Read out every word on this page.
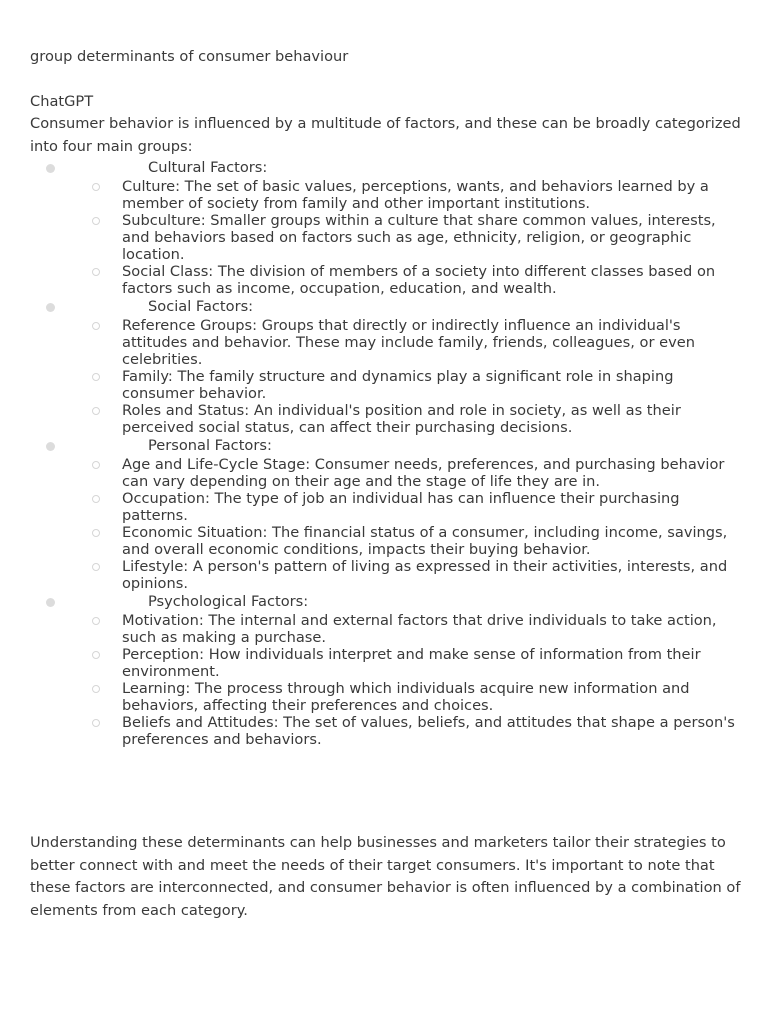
group determinants of consumer behaviour
ChatGPT
Consumer behavior is influenced by a multitude of factors, and these can be broadly categorized into four main groups:
Cultural Factors:
Culture: The set of basic values, perceptions, wants, and behaviors learned by a member of society from family and other important institutions.
Subculture: Smaller groups within a culture that share common values, interests, and behaviors based on factors such as age, ethnicity, religion, or geographic location.
Social Class: The division of members of a society into different classes based on factors such as income, occupation, education, and wealth.
Social Factors:
Reference Groups: Groups that directly or indirectly influence an individual's attitudes and behavior. These may include family, friends, colleagues, or even celebrities.
Family: The family structure and dynamics play a significant role in shaping consumer behavior.
Roles and Status: An individual's position and role in society, as well as their perceived social status, can affect their purchasing decisions.
Personal Factors:
Age and Life-Cycle Stage: Consumer needs, preferences, and purchasing behavior can vary depending on their age and the stage of life they are in.
Occupation: The type of job an individual has can influence their purchasing patterns.
Economic Situation: The financial status of a consumer, including income, savings, and overall economic conditions, impacts their buying behavior.
Lifestyle: A person's pattern of living as expressed in their activities, interests, and opinions.
Psychological Factors:
Motivation: The internal and external factors that drive individuals to take action, such as making a purchase.
Perception: How individuals interpret and make sense of information from their environment.
Learning: The process through which individuals acquire new information and behaviors, affecting their preferences and choices.
Beliefs and Attitudes: The set of values, beliefs, and attitudes that shape a person's preferences and behaviors.
Understanding these determinants can help businesses and marketers tailor their strategies to better connect with and meet the needs of their target consumers. It's important to note that these factors are interconnected, and consumer behavior is often influenced by a combination of elements from each category.
